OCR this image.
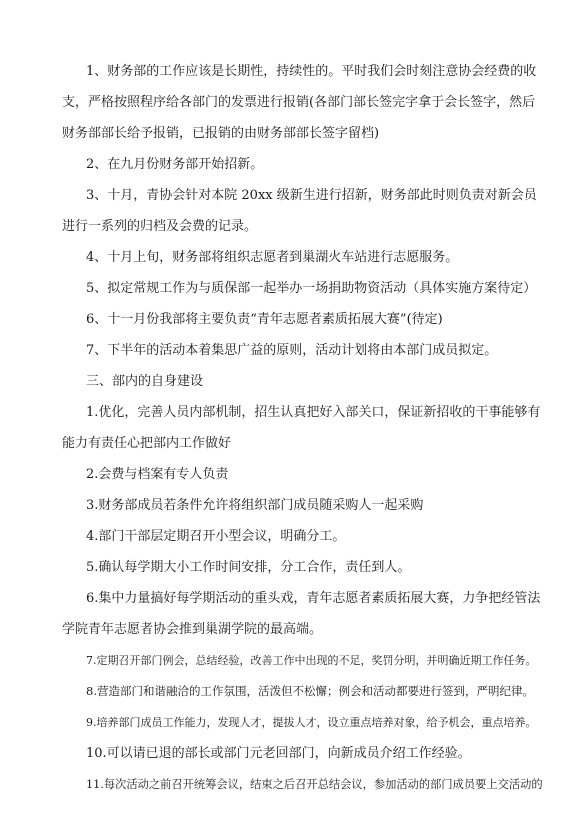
1、财务部的工作应该是长期性，持续性的。平时我们会时刻注意协会经费的收支，严格按照程序给各部门的发票进行报销(各部门部长签完字拿于会长签字，然后财务部部长给予报销，已报销的由财务部部长签字留档)

2、在九月份财务部开始招新。

3、十月，青协会针对本院 20xx 级新生进行招新，财务部此时则负责对新会员进行一系列的归档及会费的记录。

4、十月上旬，财务部将组织志愿者到巢湖火车站进行志愿服务。

5、拟定常规工作为与质保部一起举办一场捐助物资活动（具体实施方案待定）

6、十一月份我部将主要负责“青年志愿者素质拓展大赛”(待定)

7、下半年的活动本着集思广益的原则，活动计划将由本部门成员拟定。

三、部内的自身建设

1.优化，完善人员内部机制，招生认真把好入部关口，保证新招收的干事能够有能力有责任心把部内工作做好

2.会费与档案有专人负责

3.财务部成员若条件允许将组织部门成员随采购人一起采购

4.部门干部层定期召开小型会议，明确分工。

5.确认每学期大小工作时间安排，分工合作，责任到人。

6.集中力量搞好每学期活动的重头戏，青年志愿者素质拓展大赛，力争把经管法学院青年志愿者协会推到巢湖学院的最高端。

7.定期召开部门例会，总结经验，改善工作中出现的不足，奖罚分明，并明确近期工作任务。

8.营造部门和谐融洽的工作氛围，活泼但不松懈；例会和活动都要进行签到，严明纪律。

9.培养部门成员工作能力，发现人才，提拔人才，设立重点培养对象，给予机会，重点培养。

10.可以请已退的部长或部门元老回部门，向新成员介绍工作经验。

11.每次活动之前召开统筹会议，结束之后召开总结会议，参加活动的部门成员要上交活动的
